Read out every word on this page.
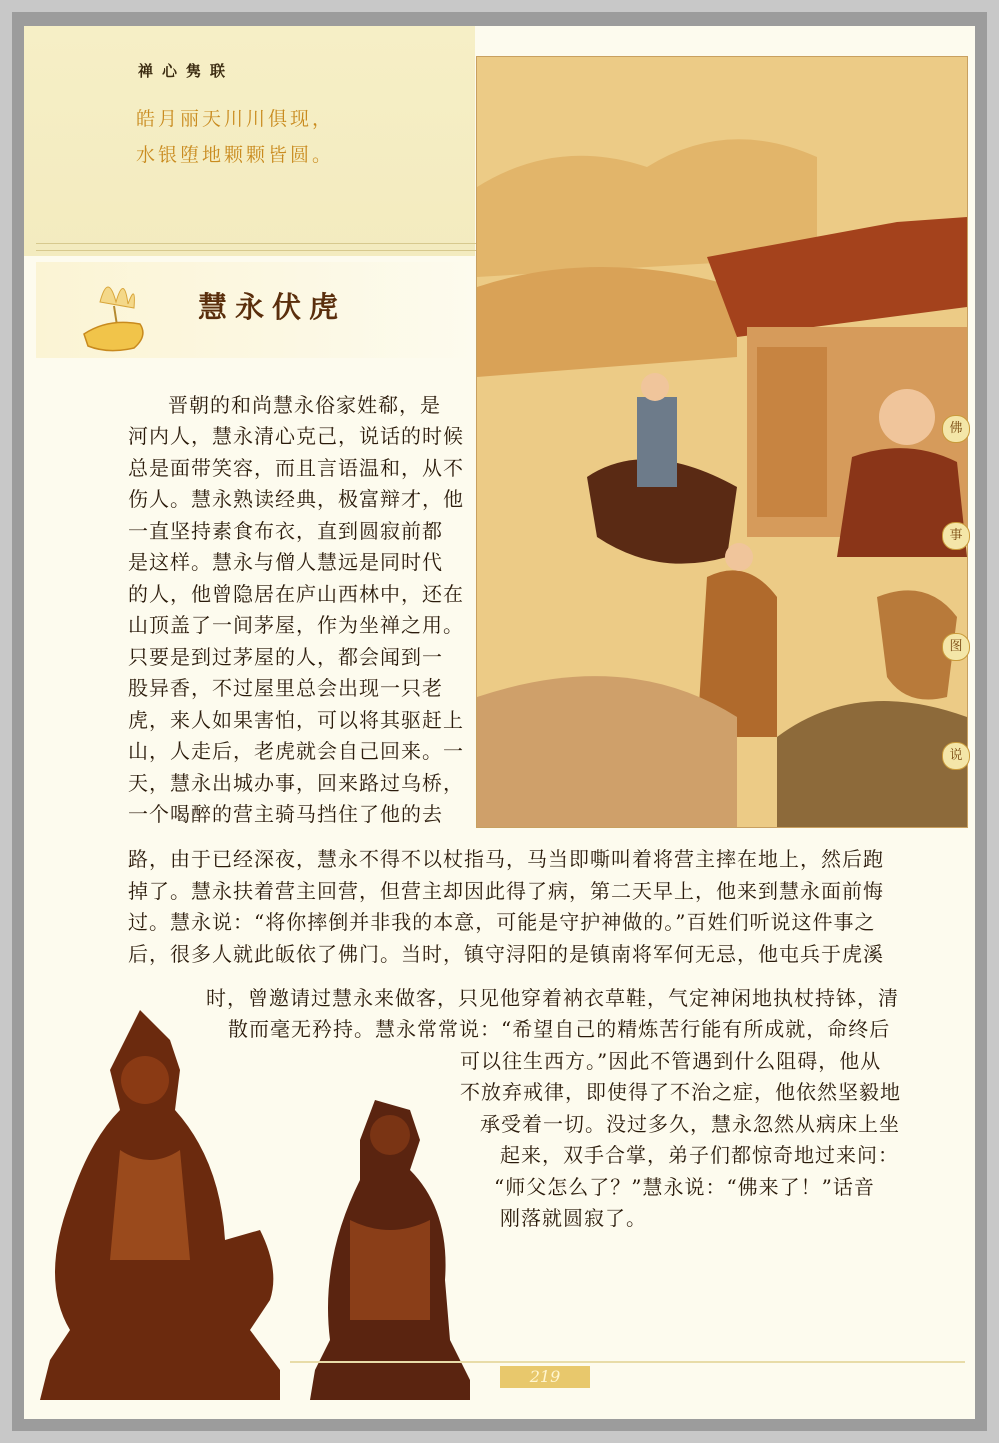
禅心隽联
皓月丽天川川俱现，
水银堕地颗颗皆圆。
慧永伏虎
佛
事
图
说
晋朝的和尚慧永俗家姓郗，是
河内人，慧永清心克己，说话的时候
总是面带笑容，而且言语温和，从不
伤人。慧永熟读经典，极富辩才，他
一直坚持素食布衣，直到圆寂前都
是这样。慧永与僧人慧远是同时代
的人，他曾隐居在庐山西林中，还在
山顶盖了一间茅屋，作为坐禅之用。
只要是到过茅屋的人，都会闻到一
股异香，不过屋里总会出现一只老
虎，来人如果害怕，可以将其驱赶上
山，人走后，老虎就会自己回来。一
天，慧永出城办事，回来路过乌桥，
一个喝醉的营主骑马挡住了他的去
路，由于已经深夜，慧永不得不以杖指马，马当即嘶叫着将营主摔在地上，然后跑
掉了。慧永扶着营主回营，但营主却因此得了病，第二天早上，他来到慧永面前悔
过。慧永说：“将你摔倒并非我的本意，可能是守护神做的。”百姓们听说这件事之
后，很多人就此皈依了佛门。当时，镇守浔阳的是镇南将军何无忌，他屯兵于虎溪
时，曾邀请过慧永来做客，只见他穿着衲衣草鞋，气定神闲地执杖持钵，清
散而毫无矜持。慧永常常说：“希望自己的精炼苦行能有所成就，命终后
可以往生西方。”因此不管遇到什么阻碍，他从
不放弃戒律，即使得了不治之症，他依然坚毅地
承受着一切。没过多久，慧永忽然从病床上坐
起来，双手合掌，弟子们都惊奇地过来问：
“师父怎么了？”慧永说：“佛来了！”话音
刚落就圆寂了。
219
